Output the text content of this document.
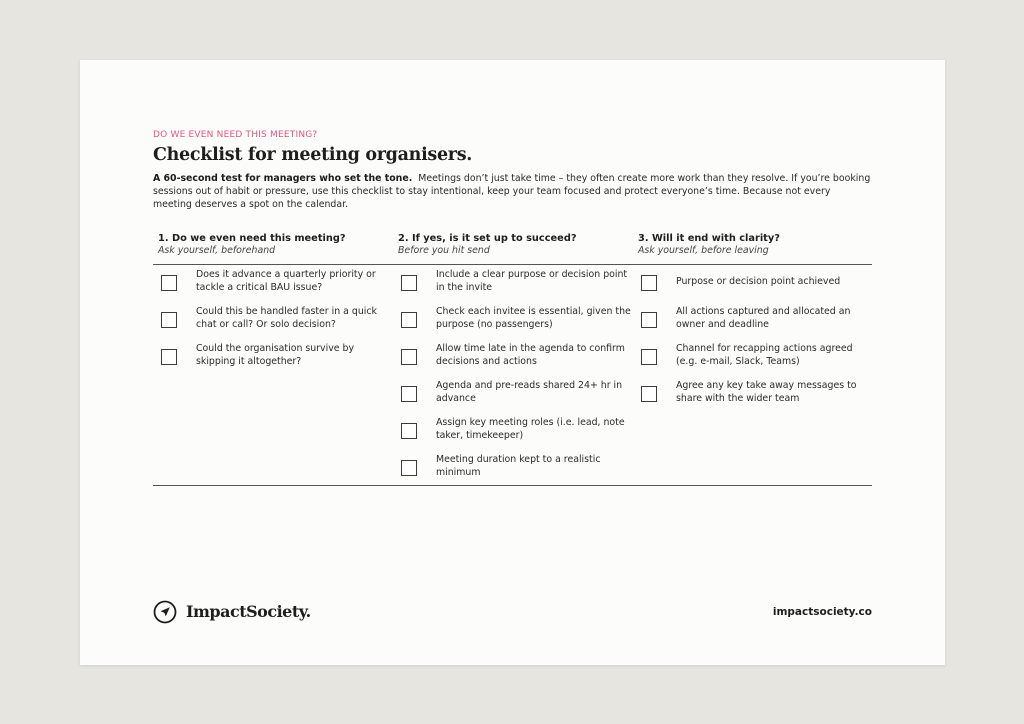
DO WE EVEN NEED THIS MEETING?
Checklist for meeting organisers.
A 60-second test for managers who set the tone. Meetings don’t just take time – they often create more work than they resolve. If you’re booking sessions out of habit or pressure, use this checklist to stay intentional, keep your team focused and protect everyone’s time. Because not every meeting deserves a spot on the calendar.
1. Do we even need this meeting?
Ask yourself, beforehand
Does it advance a quarterly priority or tackle a critical BAU issue?
Could this be handled faster in a quick chat or call? Or solo decision?
Could the organisation survive by skipping it altogether?
2. If yes, is it set up to succeed?
Before you hit send
Include a clear purpose or decision point in the invite
Check each invitee is essential, given the purpose (no passengers)
Allow time late in the agenda to confirm decisions and actions
Agenda and pre-reads shared 24+ hr in advance
Assign key meeting roles (i.e. lead, note taker, timekeeper)
Meeting duration kept to a realistic minimum
3. Will it end with clarity?
Ask yourself, before leaving
Purpose or decision point achieved
All actions captured and allocated an owner and deadline
Channel for recapping actions agreed (e.g. e-mail, Slack, Teams)
Agree any key take away messages to share with the wider team
ImpactSociety.	impactsociety.co
